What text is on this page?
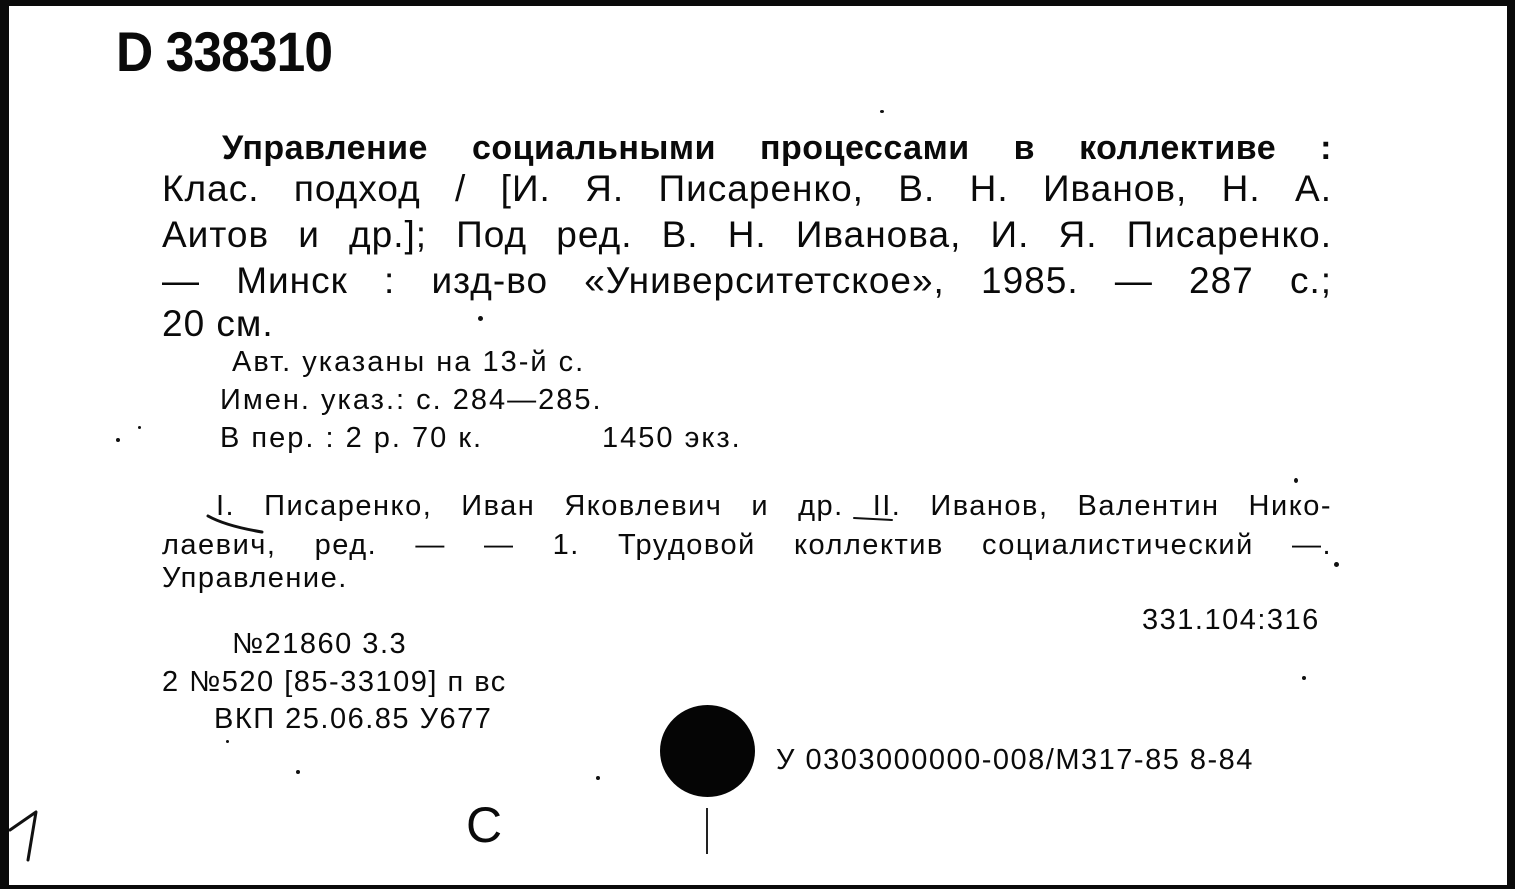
D 338310
Управление социальными процессами в коллективе :
Клас. подход / [И. Я. Писаренко, В. Н. Иванов, Н. А.
Аитов и др.]; Под ред. В. Н. Иванова, И. Я. Писаренко.
— Минск : изд-во «Университетское», 1985. — 287 с.;
20 см.
Авт. указаны на 13-й с.
Имен. указ.: с. 284—285.
В пер. : 2 р. 70 к.	1450 экз.
I. Писаренко, Иван Яковлевич и др. II. Иванов, Валентин Нико-
лаевич, ред. — — 1. Трудовой коллектив социалистический —.
Управление.
331.104:316
№21860 3.3
2 №520 [85-33109] п вс
ВКП 25.06.85 У677
У 0303000000-008/М317-85 8-84
С
